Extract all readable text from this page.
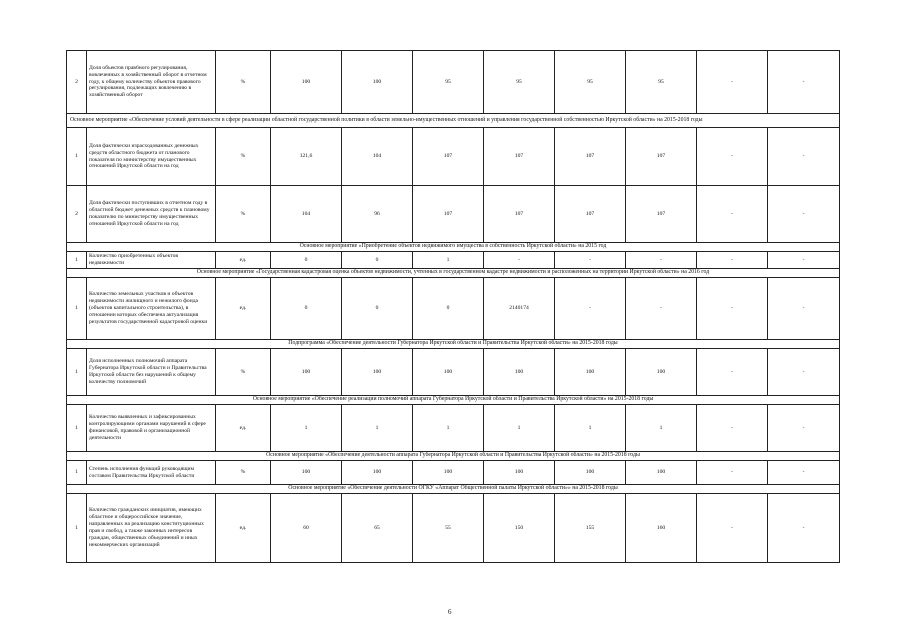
2	Доля объектов прав6ного регулирования, вовлеченных в хозяйственный оборот в отчетном году, к общему количеству объектов правового регулирования, подлежащих вовлечению в хозяйственный оборот	%	100	100	95	95	95	95	-	-
Основное мероприятие «Обеспечение условий деятельности в сфере реализации областной государственной политики в области земельно-имущественных отношений и управления государственной собственностью Иркутской области» на 2015-2018 годы										
1	Доля фактически израсходованных денежных средств областного бюджета от планового показателя по министерству имущественных отношений Иркутской области на год	%	121,6	104	107	107	107	107	-	-
2	Доля фактически поступивших в отчетном году в областной бюджет денежных средств к плановому показателю по министерству имущественных отношений Иркутской области на год	%	104	96	107	107	107	107	-	-
Основное мероприятие «Приобретение объектов недвижимого имущества в собственность Иркутской области» на 2015 год										
1	Количество приобретенных объектов недвижимости	ед.	0	0	1	-	-	-	-	-
Основное мероприятие «Государственная кадастровая оценка объектов недвижимости, учтенных в государственном кадастре недвижимости и расположенных на территории Иркутской области» на 2016 год										
1	Количество земельных участков и объектов недвижимости жилищного и нежилого фонда (объектов капитального строительства), в отношении которых обеспечена актуализация результатов государственной кадастровой оценки	ед.	0	0	0	2140174	-	-	-	-
Подпрограмма «Обеспечение деятельности Губернатора Иркутской области и Правительства Иркутской области» на 2015-2018 годы										
1	Доля исполненных полномочий аппарата Губернатора Иркутской области и Правительства Иркутской области без нарушений к общему количеству полномочий	%	100	100	100	100	100	100	-	-
Основное мероприятие «Обеспечение реализации полномочий аппарата Губернатора Иркутской области и Правительства Иркутской области» на 2015-2018 годы										
1	Количество выявленных и зафиксированных контролирующими органами нарушений в сфере финансовой, правовой и организационной деятельности	ед.	1	1	1	1	1	1	-	-
Основное мероприятие «Обеспечение деятельности аппарата Губернатора Иркутской области и Правительства Иркутской области» на 2015-2018 годы										
1	Степень исполнения функций руководящим составом Правительства Иркутской области	%	100	100	100	100	100	100	-	-
Основное мероприятие «Обеспечение деятельности ОГКУ «Аппарат Общественной палаты Иркутской области»» на 2015-2018 годы										
1	Количество гражданских инициатив, имеющих областное и общероссийское значение, направленных на реализацию конституционных прав и свобод, а также законных интересов граждан, общественных объединений и иных некоммерческих организаций	ед.	60	65	55	150	155	160	-	-
6
